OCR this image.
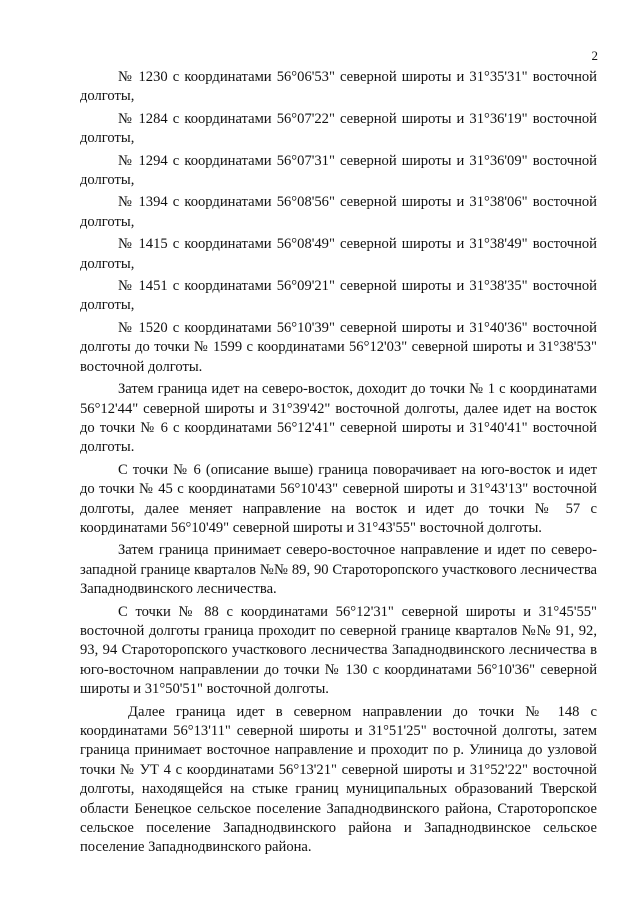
2

№ 1230 с координатами 56°06'53" северной широты и 31°35'31" восточной долготы,

№ 1284 с координатами 56°07'22" северной широты и 31°36'19" восточной долготы,

№ 1294 с координатами 56°07'31" северной широты и 31°36'09" восточной долготы,

№ 1394 с координатами 56°08'56" северной широты и 31°38'06" восточной долготы,

№ 1415 с координатами 56°08'49" северной широты и 31°38'49" восточной долготы,

№ 1451 с координатами 56°09'21" северной широты и 31°38'35" восточной долготы,

№ 1520 с координатами 56°10'39" северной широты и 31°40'36" восточной долготы до точки № 1599 с координатами 56°12'03" северной широты и 31°38'53" восточной долготы.

Затем граница идет на северо-восток, доходит до точки № 1 с координатами 56°12'44" северной широты и 31°39'42" восточной долготы, далее идет на восток до точки № 6 с координатами 56°12'41" северной широты и 31°40'41" восточной долготы.

С точки № 6 (описание выше) граница поворачивает на юго-восток и идет до точки № 45 с координатами 56°10'43" северной широты и 31°43'13" восточной долготы, далее меняет направление на восток и идет до точки № 57 с координатами 56°10'49" северной широты и 31°43'55" восточной долготы.

Затем граница принимает северо-восточное направление и идет по северо-западной границе кварталов №№ 89, 90 Староторопского участкового лесничества Западнодвинского лесничества.

С точки № 88 с координатами 56°12'31" северной широты и 31°45'55" восточной долготы граница проходит по северной границе кварталов №№ 91, 92, 93, 94 Староторопского участкового лесничества Западнодвинского лесничества в юго-восточном направлении до точки № 130 с координатами 56°10'36" северной широты и 31°50'51" восточной долготы.

Далее граница идет в северном направлении до точки № 148 с координатами 56°13'11" северной широты и 31°51'25" восточной долготы, затем граница принимает восточное направление и проходит по р. Улиница до узловой точки № УТ 4 с координатами 56°13'21" северной широты и 31°52'22" восточной долготы, находящейся на стыке границ муниципальных образований Тверской области Бенецкое сельское поселение Западнодвинского района, Староторопское сельское поселение Западнодвинского района и Западнодвинское сельское поселение Западнодвинского района.
